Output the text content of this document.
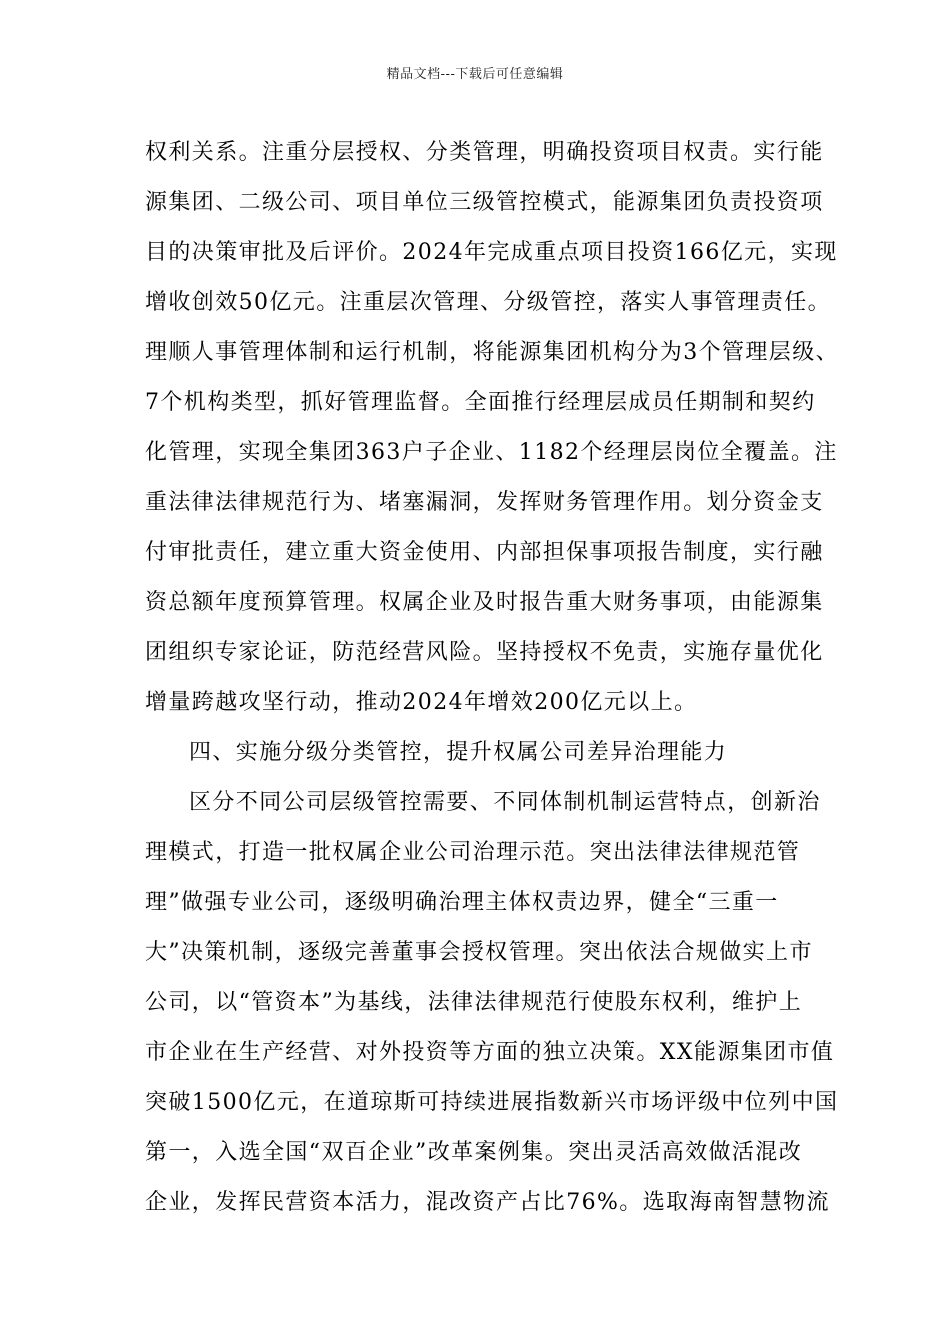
精品文档---下载后可任意编辑
权利关系。注重分层授权、分类管理，明确投资项目权责。实行能
源集团、二级公司、项目单位三级管控模式，能源集团负责投资项
目的决策审批及后评价。2024年完成重点项目投资166亿元，实现
增收创效50亿元。注重层次管理、分级管控，落实人事管理责任。
理顺人事管理体制和运行机制，将能源集团机构分为3个管理层级、
7个机构类型，抓好管理监督。全面推行经理层成员任期制和契约
化管理，实现全集团363户子企业、1182个经理层岗位全覆盖。注
重法律法律规范行为、堵塞漏洞，发挥财务管理作用。划分资金支
付审批责任，建立重大资金使用、内部担保事项报告制度，实行融
资总额年度预算管理。权属企业及时报告重大财务事项，由能源集
团组织专家论证，防范经营风险。坚持授权不免责，实施存量优化
增量跨越攻坚行动，推动2024年增效200亿元以上。
四、实施分级分类管控，提升权属公司差异治理能力
区分不同公司层级管控需要、不同体制机制运营特点，创新治
理模式，打造一批权属企业公司治理示范。突出法律法律规范管
理”做强专业公司，逐级明确治理主体权责边界，健全“三重一
大”决策机制，逐级完善董事会授权管理。突出依法合规做实上市
公司，以“管资本”为基线，法律法律规范行使股东权利，维护上
市企业在生产经营、对外投资等方面的独立决策。XX能源集团市值
突破1500亿元，在道琼斯可持续进展指数新兴市场评级中位列中国
第一，入选全国“双百企业”改革案例集。突出灵活高效做活混改
企业，发挥民营资本活力，混改资产占比76%。选取海南智慧物流
